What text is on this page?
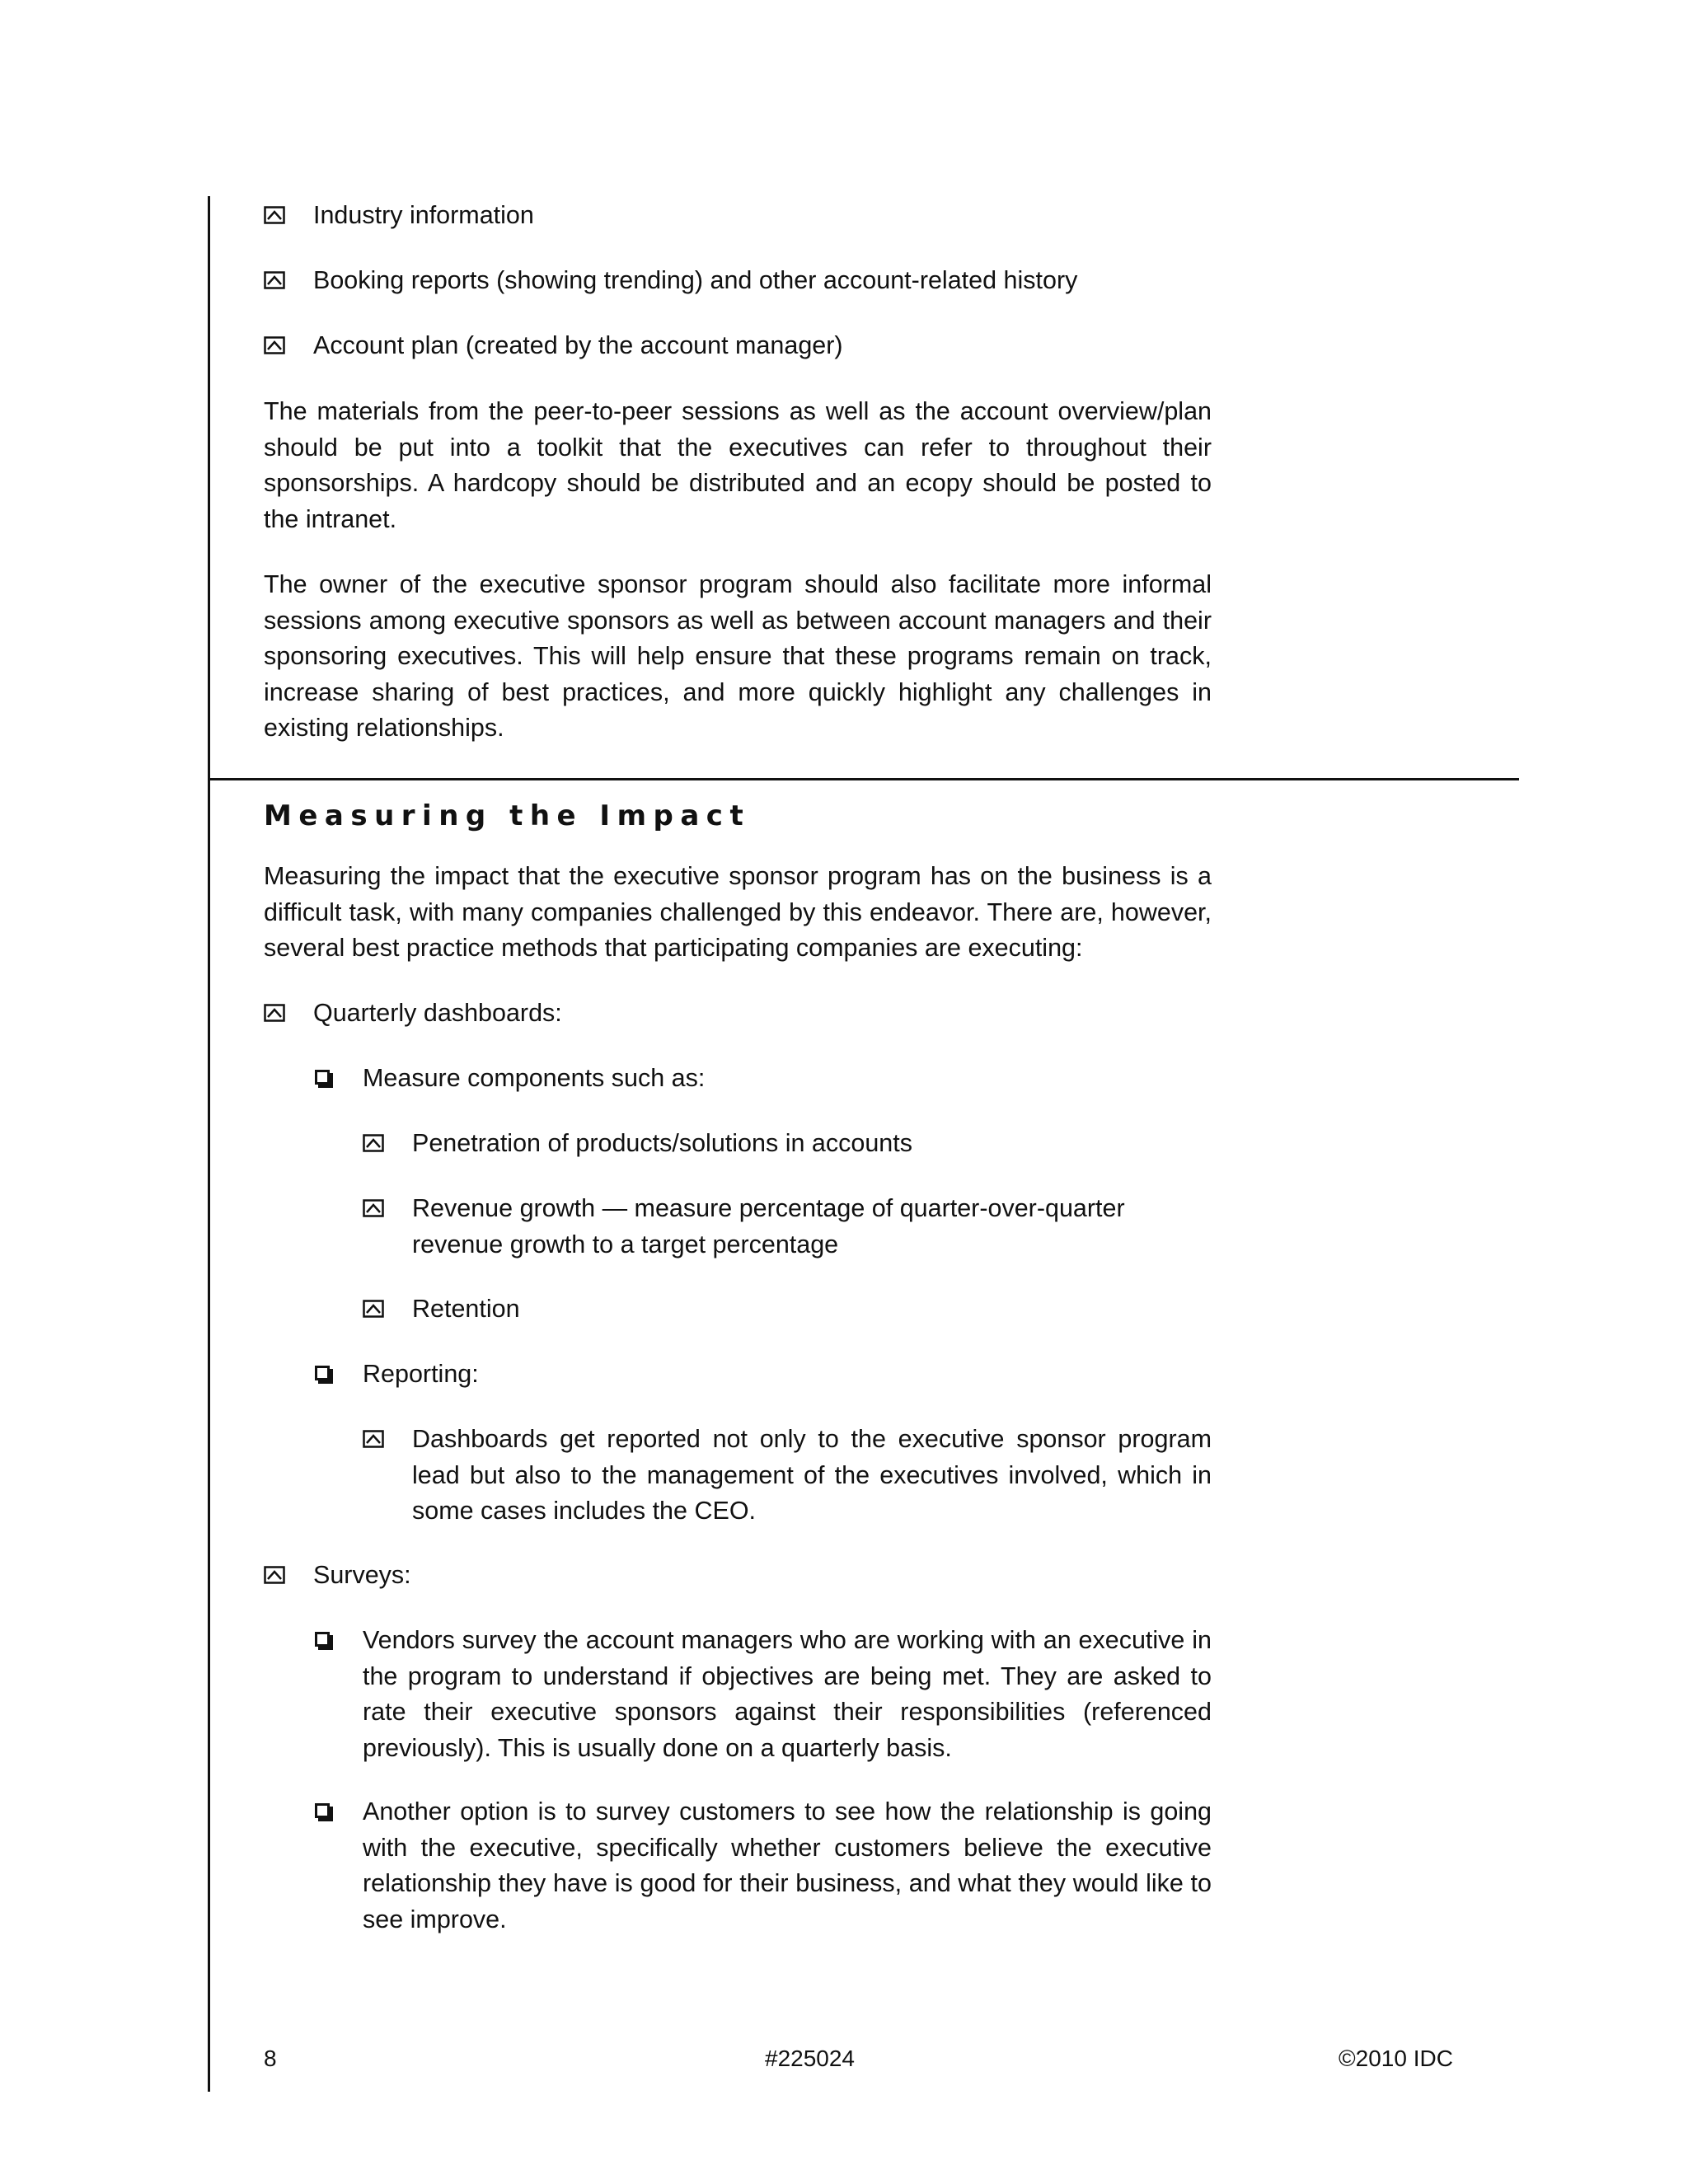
Industry information
Booking reports (showing trending) and other account-related history
Account plan (created by the account manager)

The materials from the peer-to-peer sessions as well as the account overview/plan should be put into a toolkit that the executives can refer to throughout their sponsorships. A hardcopy should be distributed and an ecopy should be posted to the intranet.

The owner of the executive sponsor program should also facilitate more informal sessions among executive sponsors as well as between account managers and their sponsoring executives. This will help ensure that these programs remain on track, increase sharing of best practices, and more quickly highlight any challenges in existing relationships.

Measuring the Impact

Measuring the impact that the executive sponsor program has on the business is a difficult task, with many companies challenged by this endeavor. There are, however, several best practice methods that participating companies are executing:

Quarterly dashboards:
Measure components such as:
Penetration of products/solutions in accounts
Revenue growth — measure percentage of quarter-over-quarter revenue growth to a target percentage
Retention
Reporting:
Dashboards get reported not only to the executive sponsor program lead but also to the management of the executives involved, which in some cases includes the CEO.
Surveys:
Vendors survey the account managers who are working with an executive in the program to understand if objectives are being met. They are asked to rate their executive sponsors against their responsibilities (referenced previously). This is usually done on a quarterly basis.
Another option is to survey customers to see how the relationship is going with the executive, specifically whether customers believe the executive relationship they have is good for their business, and what they would like to see improve.
8	#225024	©2010 IDC
